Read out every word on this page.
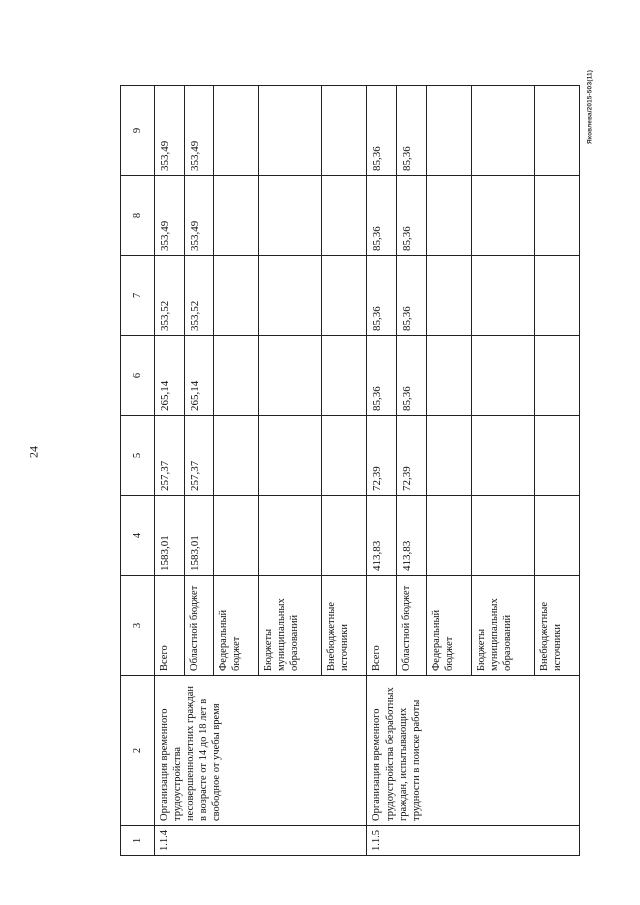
24
Яковлева/2015-50З(11)
1	2	3	4	5	6	7	8	9
1.1.4	Организация временного трудоустройства несовершеннолетних граждан в возрасте от 14 до 18 лет в свободное от учебы время	Всего	1583,01	257,37	265,14	353,52	353,49	353,49
		Областной бюджет	1583,01	257,37	265,14	353,52	353,49	353,49
		Федеральный бюджет						
		Бюджеты муниципальных образований						
		Внебюджетные источники						
1.1.5	Организация временного трудоустройства безработных граждан, испытывающих трудности в поиске работы	Всего	413,83	72,39	85,36	85,36	85,36	85,36
		Областной бюджет	413,83	72,39	85,36	85,36	85,36	85,36
		Федеральный бюджет						
		Бюджеты муниципальных образований						
		Внебюджетные источники						
